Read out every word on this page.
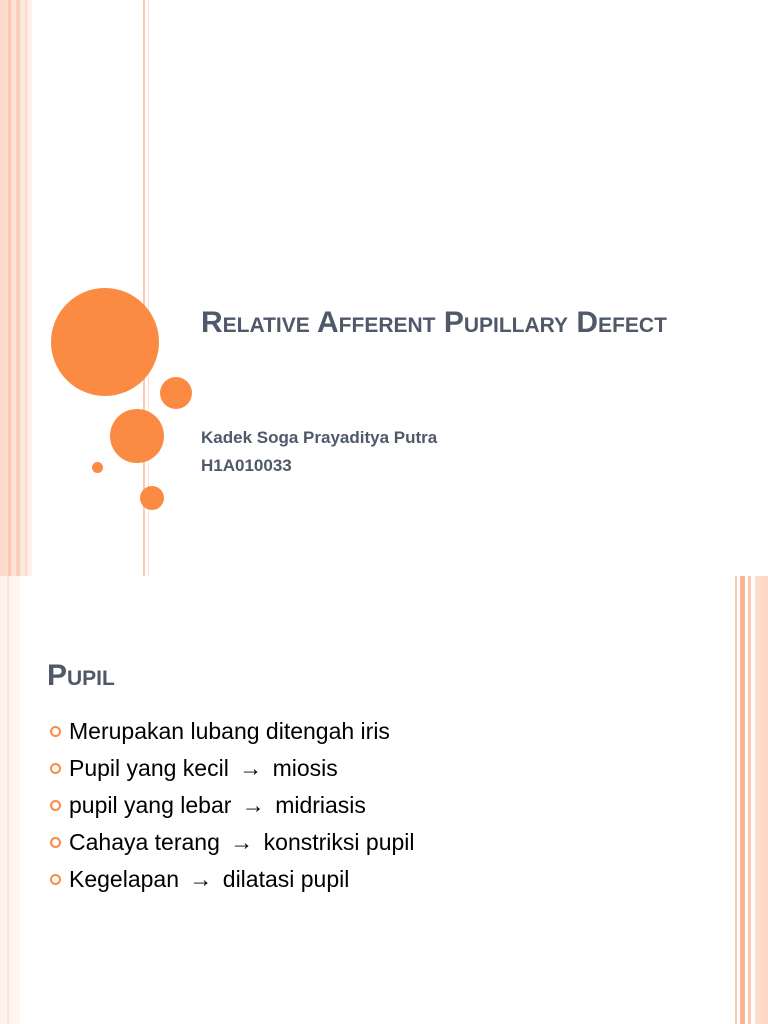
Relative Afferent Pupillary Defect
Kadek Soga Prayaditya Putra
H1A010033
Pupil
Merupakan lubang ditengah iris
Pupil yang kecil → miosis
pupil yang lebar → midriasis
Cahaya terang → konstriksi pupil
Kegelapan → dilatasi pupil
